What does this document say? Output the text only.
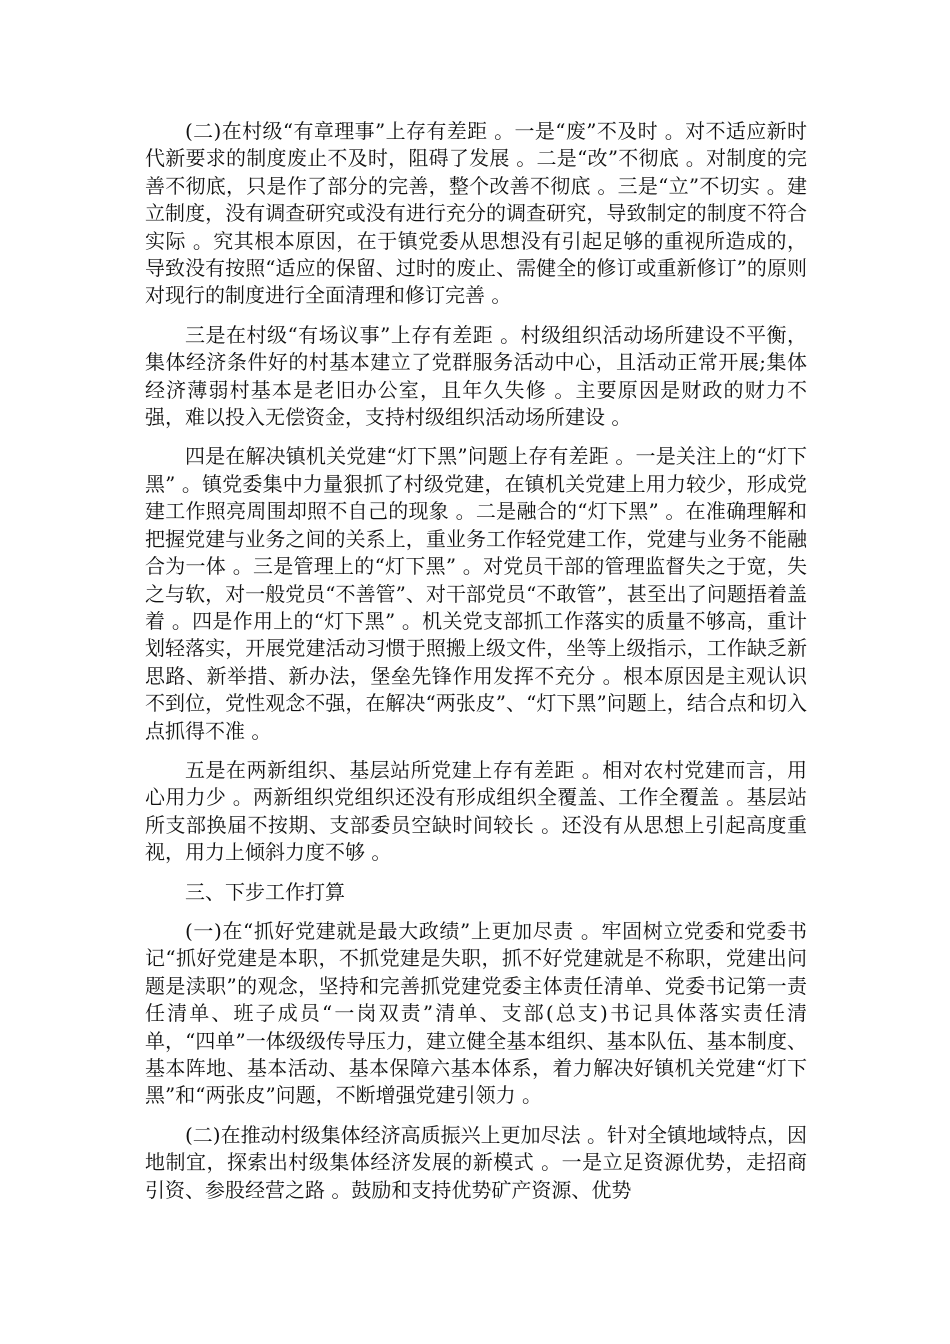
(二)在村级“有章理事”上存有差距 。一是“废”不及时 。对不适应新时代新要求的制度废止不及时，阻碍了发展 。二是“改”不彻底 。对制度的完善不彻底，只是作了部分的完善，整个改善不彻底 。三是“立”不切实 。建立制度，没有调查研究或没有进行充分的调查研究，导致制定的制度不符合实际 。究其根本原因，在于镇党委从思想没有引起足够的重视所造成的，导致没有按照“适应的保留、过时的废止、需健全的修订或重新修订”的原则对现行的制度进行全面清理和修订完善 。

三是在村级“有场议事”上存有差距 。村级组织活动场所建设不平衡，集体经济条件好的村基本建立了党群服务活动中心，且活动正常开展;集体经济薄弱村基本是老旧办公室，且年久失修 。主要原因是财政的财力不强，难以投入无偿资金，支持村级组织活动场所建设 。

四是在解决镇机关党建“灯下黑”问题上存有差距 。一是关注上的“灯下黑” 。镇党委集中力量狠抓了村级党建，在镇机关党建上用力较少，形成党建工作照亮周围却照不自己的现象 。二是融合的“灯下黑” 。在准确理解和把握党建与业务之间的关系上，重业务工作轻党建工作，党建与业务不能融合为一体 。三是管理上的“灯下黑” 。对党员干部的管理监督失之于宽，失之与软，对一般党员“不善管”、对干部党员“不敢管”，甚至出了问题捂着盖着 。四是作用上的“灯下黑” 。机关党支部抓工作落实的质量不够高，重计划轻落实，开展党建活动习惯于照搬上级文件，坐等上级指示，工作缺乏新思路、新举措、新办法，堡垒先锋作用发挥不充分 。根本原因是主观认识不到位，党性观念不强，在解决“两张皮”、“灯下黑”问题上，结合点和切入点抓得不准 。

五是在两新组织、基层站所党建上存有差距 。相对农村党建而言，用心用力少 。两新组织党组织还没有形成组织全覆盖、工作全覆盖 。基层站所支部换届不按期、支部委员空缺时间较长 。还没有从思想上引起高度重视，用力上倾斜力度不够 。

三、下步工作打算

(一)在“抓好党建就是最大政绩”上更加尽责 。牢固树立党委和党委书记“抓好党建是本职，不抓党建是失职，抓不好党建就是不称职，党建出问题是渎职”的观念，坚持和完善抓党建党委主体责任清单、党委书记第一责任清单、班子成员“一岗双责”清单、支部(总支)书记具体落实责任清单，“四单”一体级级传导压力，建立健全基本组织、基本队伍、基本制度、基本阵地、基本活动、基本保障六基本体系，着力解决好镇机关党建“灯下黑”和“两张皮”问题，不断增强党建引领力 。

(二)在推动村级集体经济高质振兴上更加尽法 。针对全镇地域特点，因地制宜，探索出村级集体经济发展的新模式 。一是立足资源优势，走招商引资、参股经营之路 。鼓励和支持优势矿产资源、优势
